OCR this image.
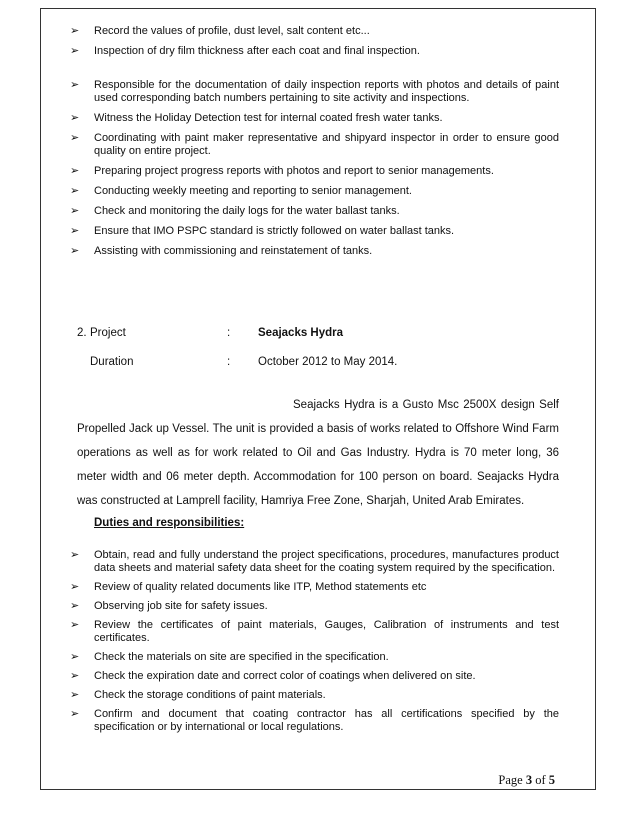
➢ Record the values of profile, dust level, salt content etc...
➢ Inspection of dry film thickness after each coat and final inspection.
➢ Responsible for the documentation of daily inspection reports with photos and details of paint used corresponding batch numbers pertaining to site activity and inspections.
➢ Witness the Holiday Detection test for internal coated fresh water tanks.
➢ Coordinating with paint maker representative and shipyard inspector in order to ensure good quality on entire project.
➢ Preparing project progress reports with photos and report to senior managements.
➢ Conducting weekly meeting and reporting to senior management.
➢ Check and monitoring the daily logs for the water ballast tanks.
➢ Ensure that IMO PSPC standard is strictly followed on water ballast tanks.
➢ Assisting with commissioning and reinstatement of tanks.
2. Project	: Seajacks Hydra
Duration	: October 2012 to May 2014.

Seajacks Hydra is a Gusto Msc 2500X design Self Propelled Jack up Vessel. The unit is provided a basis of works related to Offshore Wind Farm operations as well as for work related to Oil and Gas Industry. Hydra is 70 meter long, 36 meter width and 06 meter depth. Accommodation for 100 person on board. Seajacks Hydra was constructed at Lamprell facility, Hamriya Free Zone, Sharjah, United Arab Emirates.

Duties and responsibilities:
➢ Obtain, read and fully understand the project specifications, procedures, manufactures product data sheets and material safety data sheet for the coating system required by the specification.
➢ Review of quality related documents like ITP, Method statements etc
➢ Observing job site for safety issues.
➢ Review the certificates of paint materials, Gauges, Calibration of instruments and test certificates.
➢ Check the materials on site are specified in the specification.
➢ Check the expiration date and correct color of coatings when delivered on site.
➢ Check the storage conditions of paint materials.
➢ Confirm and document that coating contractor has all certifications specified by the specification or by international or local regulations.
Page 3 of 5
